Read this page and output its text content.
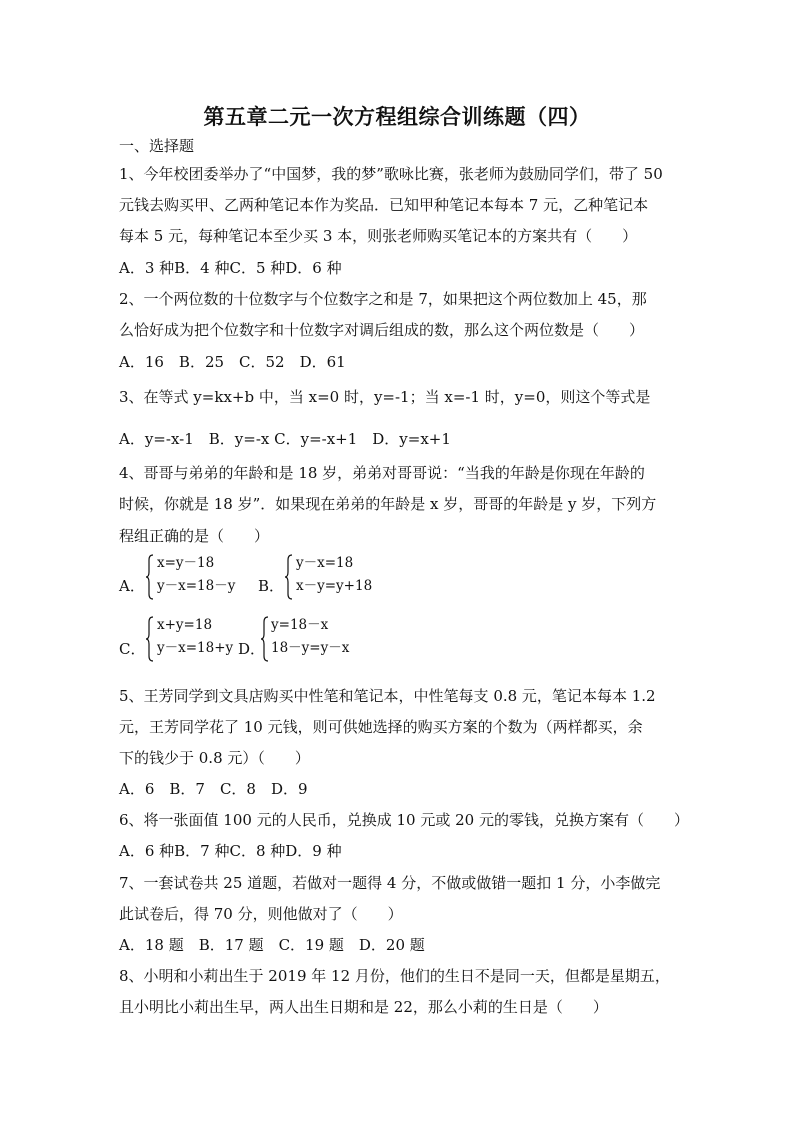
第五章二元一次方程组综合训练题（四）
一、选择题
1、今年校团委举办了“中国梦，我的梦”歌咏比赛，张老师为鼓励同学们，带了 50
元钱去购买甲、乙两种笔记本作为奖品．已知甲种笔记本每本 7 元，乙种笔记本
每本 5 元，每种笔记本至少买 3 本，则张老师购买笔记本的方案共有（　　）
A．3 种B．4 种C．5 种D．6 种
2、一个两位数的十位数字与个位数字之和是 7，如果把这个两位数加上 45，那
么恰好成为把个位数字和十位数字对调后组成的数，那么这个两位数是（　　）
A．16　B．25　C．52　D．61
3、在等式 y=kx+b 中，当 x=0 时，y=-1；当 x=-1 时，y=0，则这个等式是
A．y=-x-1　B．y=-x C．y=-x+1　D．y=x+1
4、哥哥与弟弟的年龄和是 18 岁，弟弟对哥哥说：“当我的年龄是你现在年龄的
时候，你就是 18 岁”．如果现在弟弟的年龄是 x 岁，哥哥的年龄是 y 岁，下列方
程组正确的是（　　）
A．
x=y－18
y－x=18－y B．
y－x=18
x－y=y+18
C．
x+y=18
y－x=18+y D．
y=18－x
18－y=y－x
5、王芳同学到文具店购买中性笔和笔记本，中性笔每支 0.8 元，笔记本每本 1.2
元，王芳同学花了 10 元钱，则可供她选择的购买方案的个数为（两样都买，余
下的钱少于 0.8 元）（　　）
A．6　B．7　C．8　D．9
6、将一张面值 100 元的人民币，兑换成 10 元或 20 元的零钱，兑换方案有（　　）
A．6 种B．7 种C．8 种D．9 种
7、一套试卷共 25 道题，若做对一题得 4 分，不做或做错一题扣 1 分，小李做完
此试卷后，得 70 分，则他做对了（　　）
A．18 题　B．17 题　C．19 题　D．20 题
8、小明和小莉出生于 2019 年 12 月份，他们的生日不是同一天，但都是星期五，
且小明比小莉出生早，两人出生日期和是 22，那么小莉的生日是（　　）
